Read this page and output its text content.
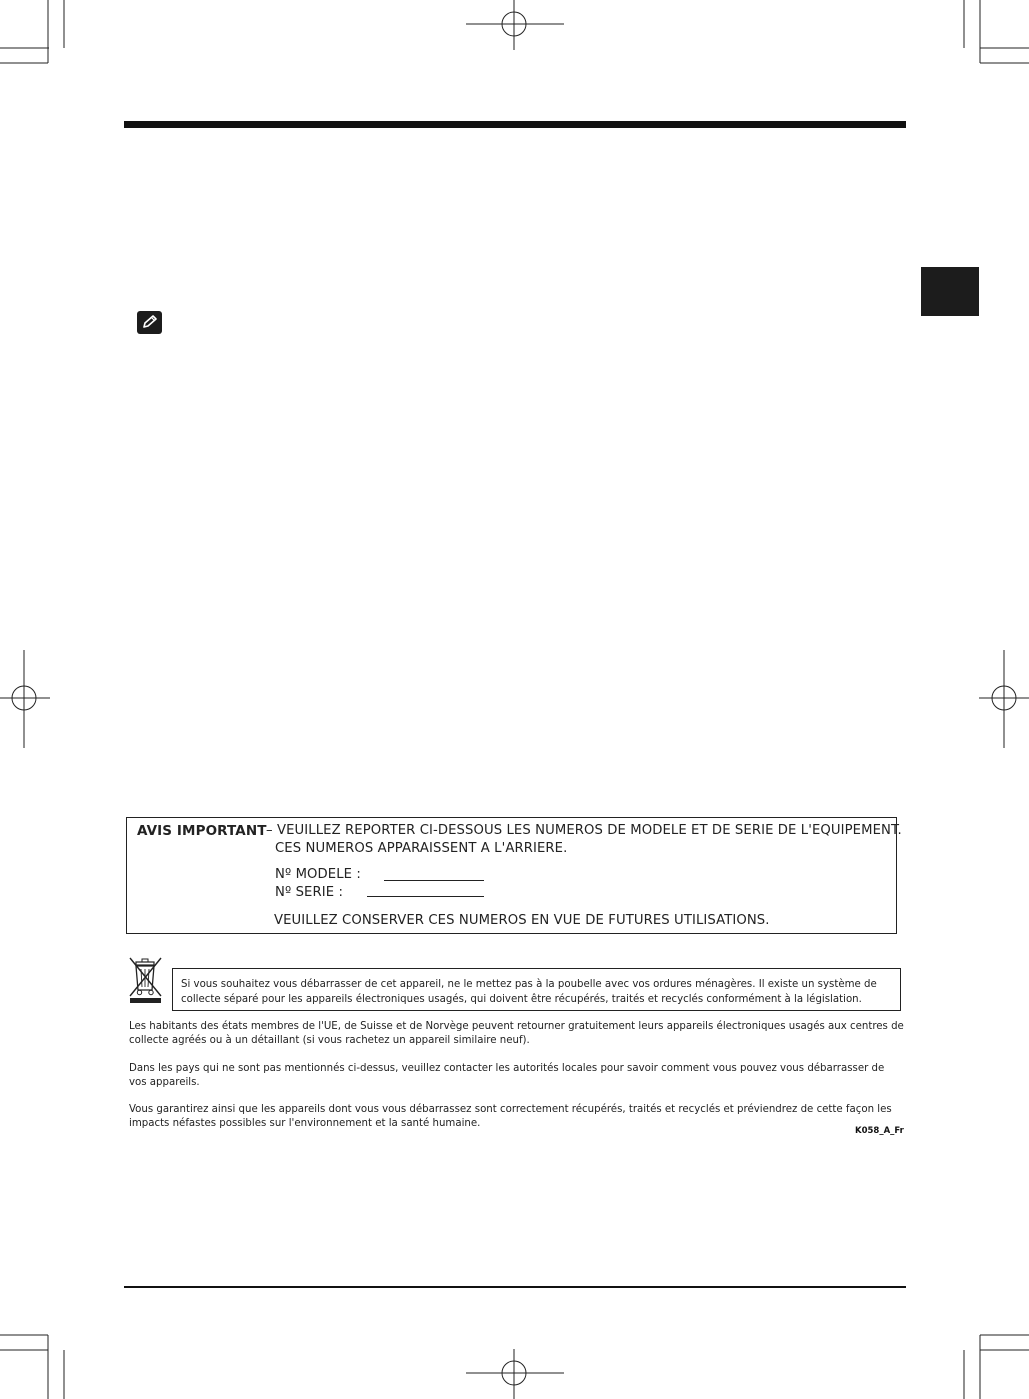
AVIS IMPORTANT – VEUILLEZ REPORTER CI-DESSOUS LES NUMEROS DE MODELE ET DE SERIE DE L'EQUIPEMENT.
CES NUMEROS APPARAISSENT A L'ARRIERE.
Nº MODELE :
Nº SERIE :
VEUILLEZ CONSERVER CES NUMEROS EN VUE DE FUTURES UTILISATIONS.
Si vous souhaitez vous débarrasser de cet appareil, ne le mettez pas à la poubelle avec vos ordures ménagères. Il existe un système de collecte séparé pour les appareils électroniques usagés, qui doivent être récupérés, traités et recyclés conformément à la législation.
Les habitants des états membres de l'UE, de Suisse et de Norvège peuvent retourner gratuitement leurs appareils électroniques usagés aux centres de collecte agréés ou à un détaillant (si vous rachetez un appareil similaire neuf).
Dans les pays qui ne sont pas mentionnés ci-dessus, veuillez contacter les autorités locales pour savoir comment vous pouvez vous débarrasser de vos appareils.
Vous garantirez ainsi que les appareils dont vous vous débarrassez sont correctement récupérés, traités et recyclés et préviendrez de cette façon les impacts néfastes possibles sur l'environnement et la santé humaine.
K058_A_Fr
